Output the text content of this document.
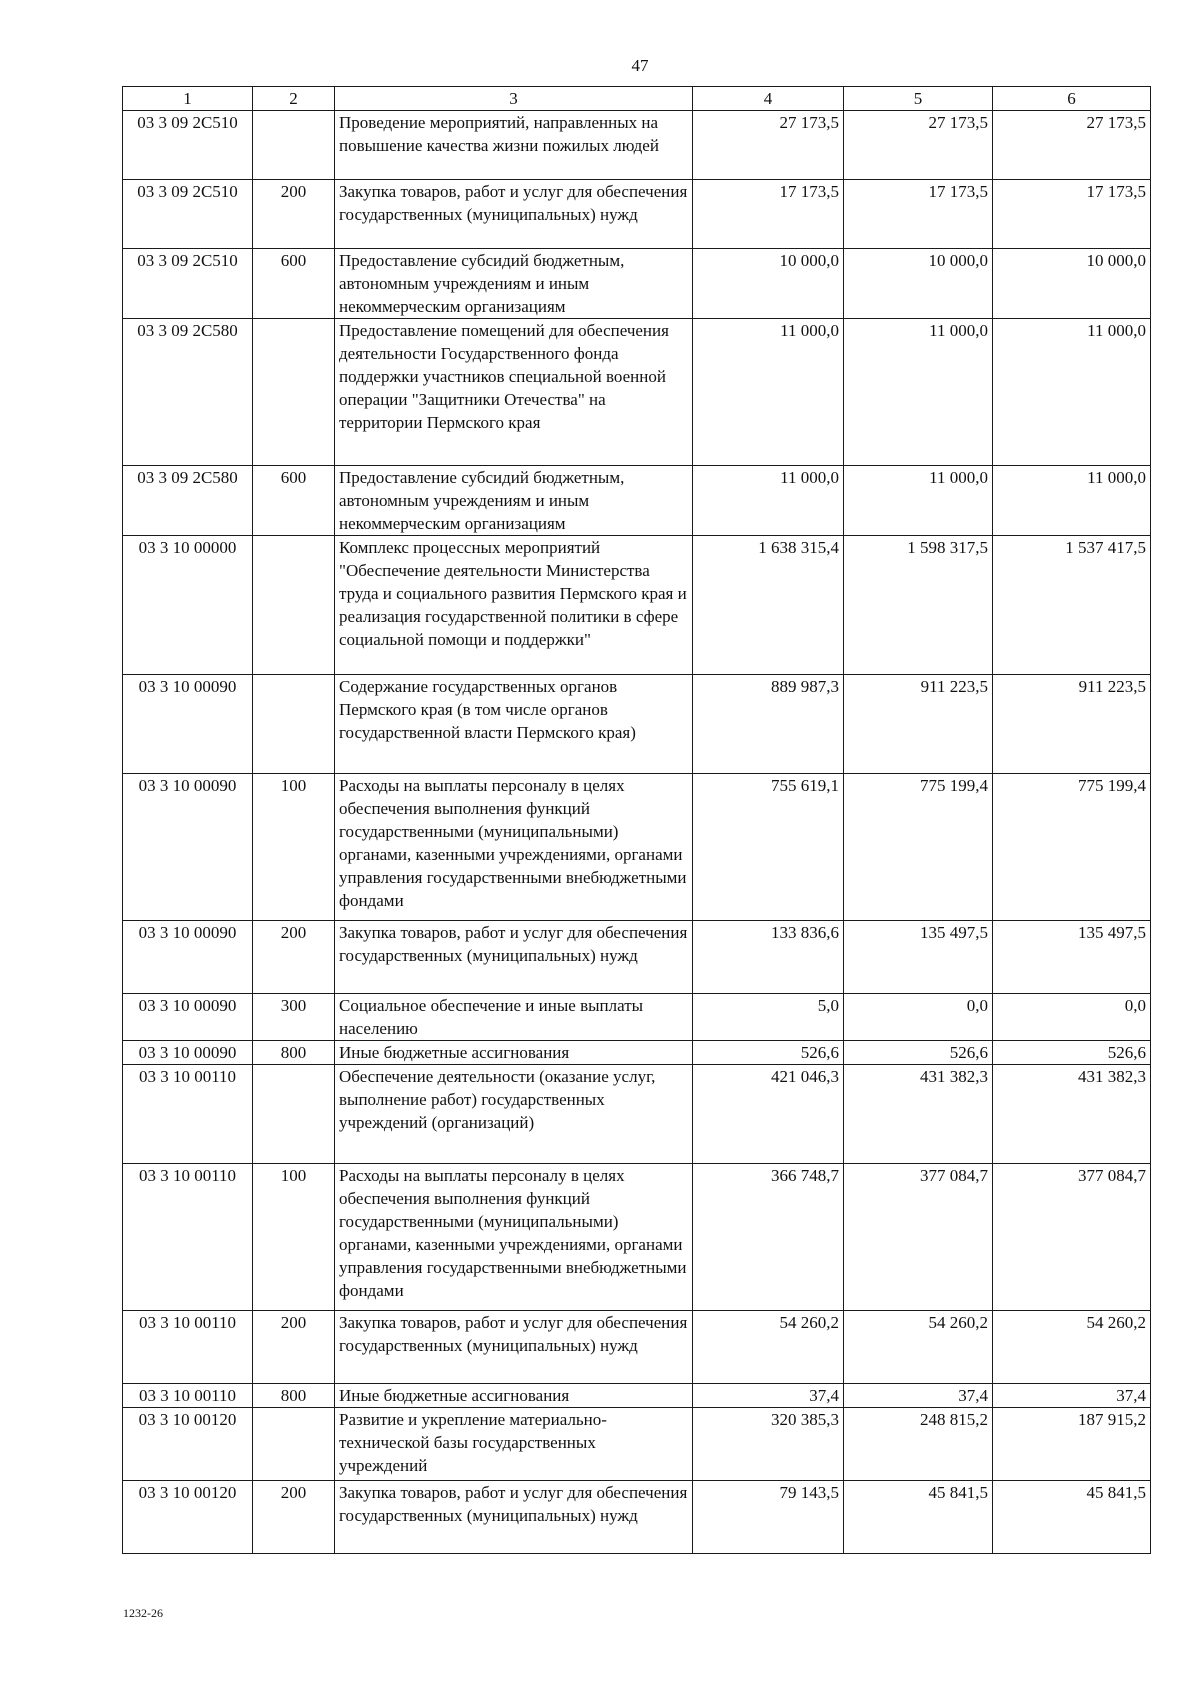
47
1	2	3	4	5	6
03 3 09 2C510		Проведение мероприятий, направленных на повышение качества жизни пожилых людей	27 173,5	27 173,5	27 173,5
03 3 09 2C510	200	Закупка товаров, работ и услуг для обеспечения государственных (муниципальных) нужд	17 173,5	17 173,5	17 173,5
03 3 09 2C510	600	Предоставление субсидий бюджетным, автономным учреждениям и иным некоммерческим организациям	10 000,0	10 000,0	10 000,0
03 3 09 2C580		Предоставление помещений для обеспечения деятельности Государственного фонда поддержки участников специальной военной операции "Защитники Отечества" на территории Пермского края	11 000,0	11 000,0	11 000,0
03 3 09 2C580	600	Предоставление субсидий бюджетным, автономным учреждениям и иным некоммерческим организациям	11 000,0	11 000,0	11 000,0
03 3 10 00000		Комплекс процессных мероприятий "Обеспечение деятельности Министерства труда и социального развития Пермского края и реализация государственной политики в сфере социальной помощи и поддержки"	1 638 315,4	1 598 317,5	1 537 417,5
03 3 10 00090		Содержание государственных органов Пермского края (в том числе органов государственной власти Пермского края)	889 987,3	911 223,5	911 223,5
03 3 10 00090	100	Расходы на выплаты персоналу в целях обеспечения выполнения функций государственными (муниципальными) органами, казенными учреждениями, органами управления государственными внебюджетными фондами	755 619,1	775 199,4	775 199,4
03 3 10 00090	200	Закупка товаров, работ и услуг для обеспечения государственных (муниципальных) нужд	133 836,6	135 497,5	135 497,5
03 3 10 00090	300	Социальное обеспечение и иные выплаты населению	5,0	0,0	0,0
03 3 10 00090	800	Иные бюджетные ассигнования	526,6	526,6	526,6
03 3 10 00110		Обеспечение деятельности (оказание услуг, выполнение работ) государственных учреждений (организаций)	421 046,3	431 382,3	431 382,3
03 3 10 00110	100	Расходы на выплаты персоналу в целях обеспечения выполнения функций государственными (муниципальными) органами, казенными учреждениями, органами управления государственными внебюджетными фондами	366 748,7	377 084,7	377 084,7
03 3 10 00110	200	Закупка товаров, работ и услуг для обеспечения государственных (муниципальных) нужд	54 260,2	54 260,2	54 260,2
03 3 10 00110	800	Иные бюджетные ассигнования	37,4	37,4	37,4
03 3 10 00120		Развитие и укрепление материально-технической базы государственных учреждений	320 385,3	248 815,2	187 915,2
03 3 10 00120	200	Закупка товаров, работ и услуг для обеспечения государственных (муниципальных) нужд	79 143,5	45 841,5	45 841,5
1232-26
